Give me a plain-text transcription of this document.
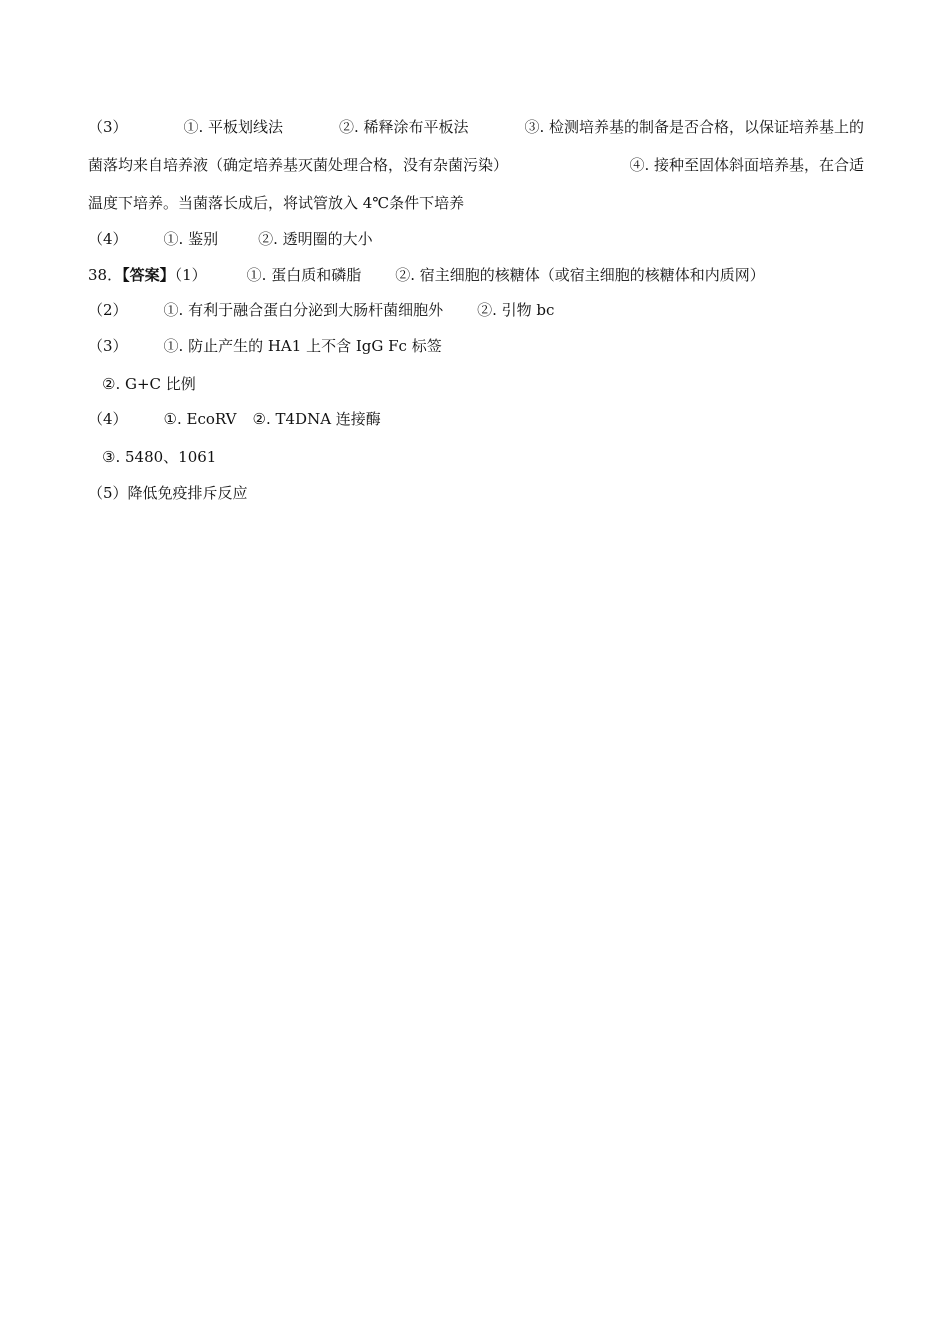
（3）	①. 平板划线法	②. 稀释涂布平板法	③. 检测培养基的制备是否合格，以保证培养基上的
菌落均来自培养液（确定培养基灭菌处理合格，没有杂菌污染）	④. 接种至固体斜面培养基，在合适
温度下培养。当菌落长成后，将试管放入 4℃条件下培养
（4） ①. 鉴别	②. 透明圈的大小
38．【答案】（1）	①. 蛋白质和磷脂 ②. 宿主细胞的核糖体（或宿主细胞的核糖体和内质网）
（2） ①. 有利于融合蛋白分泌到大肠杆菌细胞外 ②. 引物 bc
（3） ①. 防止产生的 HA1 上不含 IgG Fc 标签
②. G+C 比例
（4） ①. EcoRV ②. T4DNA 连接酶
③. 5480、1061
（5）降低免疫排斥反应
